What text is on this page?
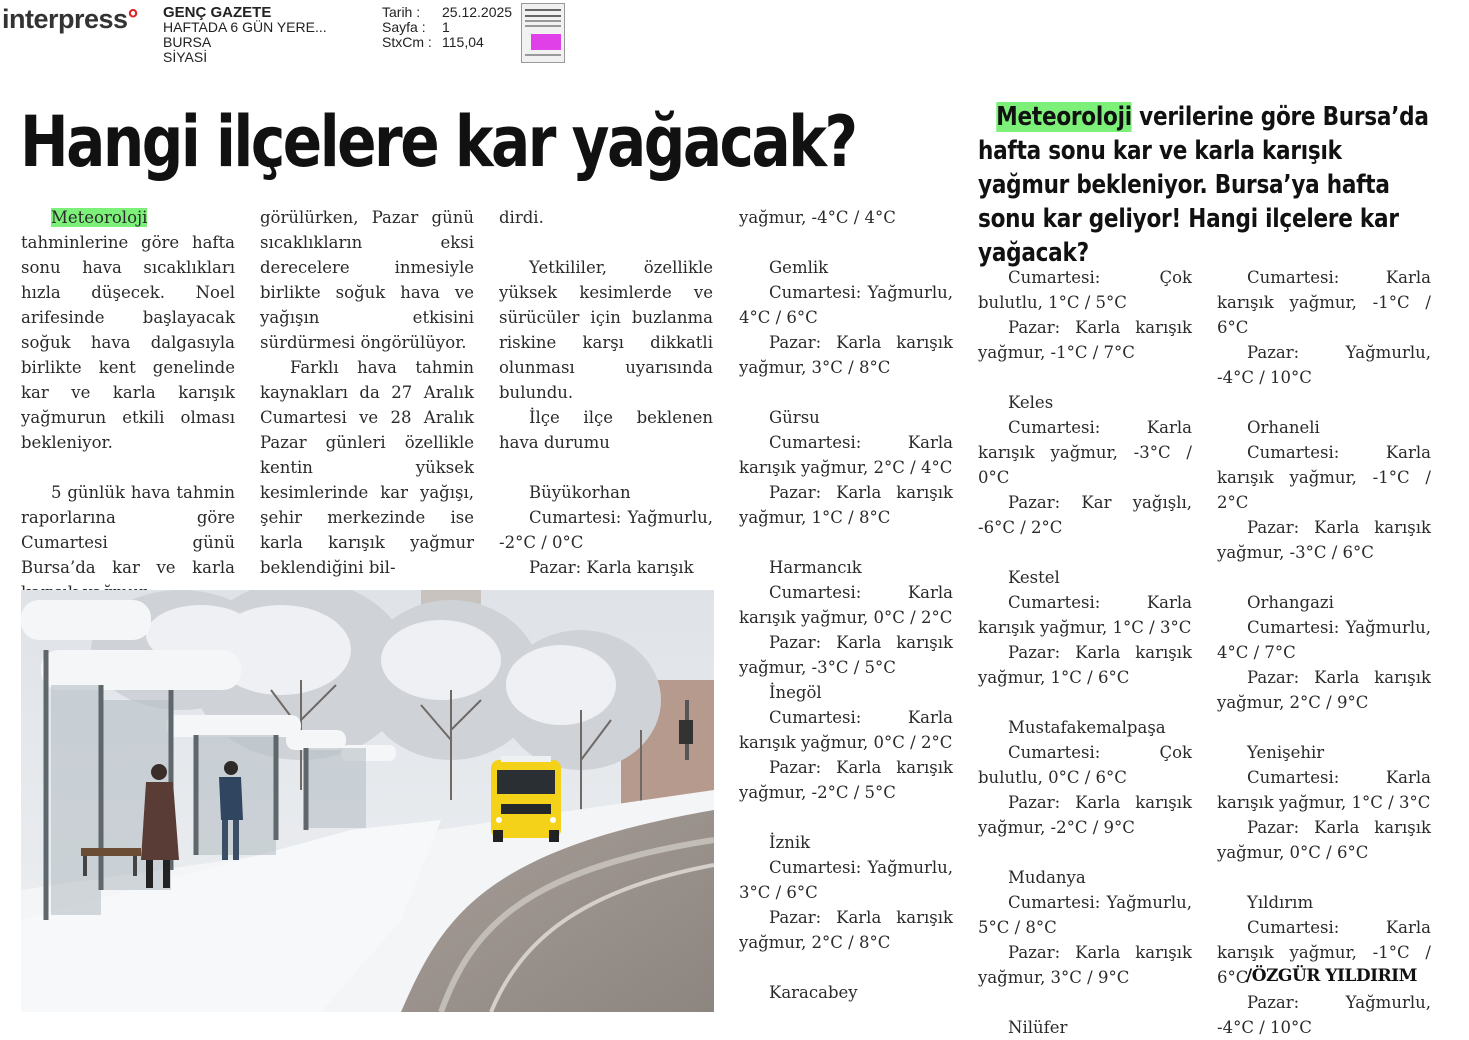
interpress° GENÇ GAZETE
HAFTADA 6 GÜN YERE...
BURSA
SİYASİ
Tarih : 25.12.2025
Sayfa : 1
StxCm : 115,04
Hangi ilçelere kar yağacak?	Meteoroloji verilerine göre Bursa’da hafta sonu kar ve karla karışık yağmur bekleniyor. Bursa’ya hafta sonu kar geliyor! Hangi ilçelere kar yağacak?

Meteoroloji tahminlerine göre hafta sonu hava sıcaklıkları hızla düşecek. Noel arifesinde başlayacak soğuk hava dalgasıyla birlikte kent genelinde kar ve karla karışık yağmurun etkili olması bekleniyor.

5 günlük hava tahmin raporlarına göre Cumartesi günü Bursa’da kar ve karla

görülürken, Pazar günü sıcaklıkların eksi derecelere inmesiyle birlikte soğuk hava ve yağışın etkisini sürdürmesi öngörülüyor.

Farklı hava tahmin kaynakları da 27 Aralık Cumartesi ve 28 Aralık Pazar günleri özellikle kentin yüksek kesimlerinde kar yağışı, şehir merkezinde ise karla karışık yağmur beklendiğini bil-

dirdi.

Yetkililer, özellikle yüksek kesimlerde ve sürücüler için buzlanma riskine karşı dikkatli olunması uyarısında bulundu.

İlçe ilçe beklenen hava durumu

Büyükorhan

Cumartesi: Yağmurlu, -2°C / 0°C

Pazar: Karla karışık

yağmur, -4°C / 4°C

Gemlik

Cumartesi: Yağmurlu, 4°C / 6°C

Pazar: Karla karışık yağmur, 3°C / 8°C

Gürsu

Cumartesi: Karla karışık yağmur, 2°C / 4°C

Pazar: Karla karışık yağmur, 1°C / 8°C

Harmancık

Cumartesi: Karla karışık yağmur, 0°C / 2°C

Pazar: Karla karışık yağmur, -3°C / 5°C

İnegöl

Cumartesi: Karla karışık yağmur, 0°C / 2°C

Pazar: Karla karışık yağmur, -2°C / 5°C

İznik

Cumartesi: Yağmurlu, 3°C / 6°C

Pazar: Karla karışık yağmur, 2°C / 8°C

Karacabey

Cumartesi: Çok bulutlu, 1°C / 5°C

Pazar: Karla karışık yağmur, -1°C / 7°C

Keles

Cumartesi: Karla karışık yağmur, -3°C / 0°C

Pazar: Kar yağışlı, -6°C / 2°C

Kestel

Cumartesi: Karla karışık yağmur, 1°C / 3°C

Pazar: Karla karışık yağmur, 1°C / 6°C

Mustafakemalpaşa

Cumartesi: Çok bulutlu, 0°C / 6°C

Pazar: Karla karışık yağmur, -2°C / 9°C

Mudanya

Cumartesi: Yağmurlu, 5°C / 8°C

Pazar: Karla karışık yağmur, 3°C / 9°C

Nilüfer

Cumartesi: Karla karışık yağmur, -1°C / 6°C

Pazar: Yağmurlu, -4°C / 10°C

Orhaneli

Cumartesi: Karla karışık yağmur, -1°C / 2°C

Pazar: Karla karışık yağmur, -3°C / 6°C

Orhangazi

Cumartesi: Yağmurlu, 4°C / 7°C

Pazar: Karla karışık yağmur, 2°C / 9°C

Yenişehir

Cumartesi: Karla karışık yağmur, 1°C / 3°C

Pazar: Karla karışık yağmur, 0°C / 6°C

Yıldırım

Cumartesi: Karla karışık yağmur, -1°C / 6°C

Pazar: Yağmurlu, -4°C / 10°C

/ÖZGÜR YILDIRIM
